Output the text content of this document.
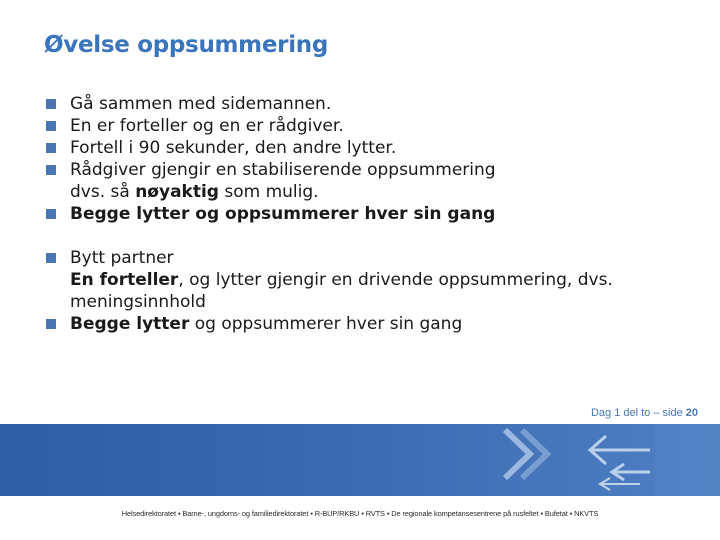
Øvelse oppsummering
Gå sammen med sidemannen.
En er forteller og en er rådgiver.
Fortell i 90 sekunder, den andre lytter.
Rådgiver gjengir en stabiliserende oppsummering
dvs. så nøyaktig som mulig.
Begge lytter og oppsummerer hver sin gang
Bytt partner
En forteller, og lytter gjengir en drivende oppsummering, dvs.
meningsinnhold
Begge lytter og oppsummerer hver sin gang
Dag 1 del to – side 20
Helsedirektoratet ▪ Barne-, ungdoms- og familiedirektoratet ▪ R-BUP/RKBU ▪ RVTS ▪ De regionale kompetansesentrene på rusfeltet ▪ Bufetat ▪ NKVTS
